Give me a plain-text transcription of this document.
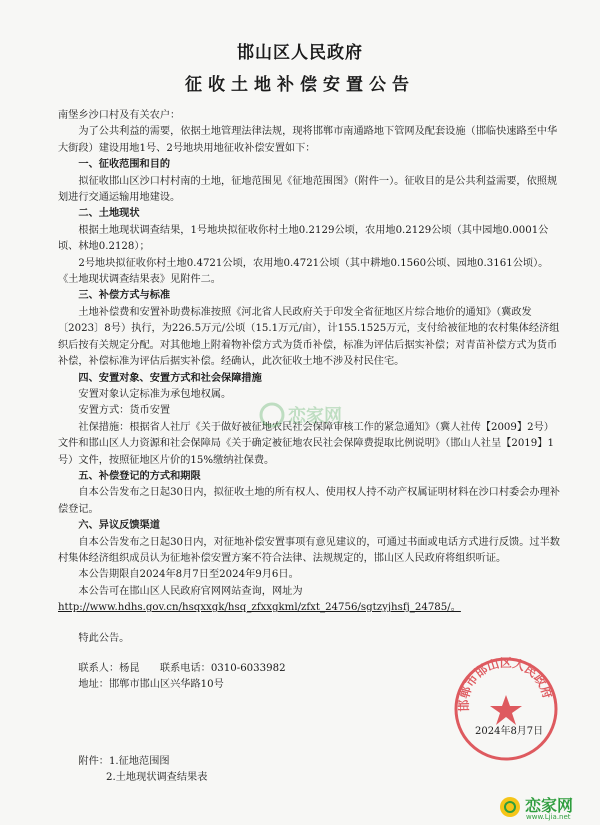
邯山区人民政府
征收土地补偿安置公告

南堡乡沙口村及有关农户：

为了公共利益的需要，依据土地管理法律法规，现将邯郸市南通路地下管网及配套设施（邯临快速路至中华大街段）建设用地1号、2号地块用地征收补偿安置如下：

一、征收范围和目的

拟征收邯山区沙口村村南的土地，征地范围见《征地范围图》（附件一）。征收目的是公共利益需要，依照规划进行交通运输用地建设。

二、土地现状

根据土地现状调查结果，1号地块拟征收你村土地0.2129公顷，农用地0.2129公顷（其中园地0.0001公顷、林地0.2128）；

2号地块拟征收你村土地0.4721公顷，农用地0.4721公顷（其中耕地0.1560公顷、园地0.3161公顷）。《土地现状调查结果表》见附件二。

三、补偿方式与标准

土地补偿费和安置补助费标准按照《河北省人民政府关于印发全省征地区片综合地价的通知》（冀政发〔2023〕8号）执行，为226.5万元/公顷（15.1万元/亩），计155.1525万元，支付给被征地的农村集体经济组织后按有关规定分配。对其他地上附着物补偿方式为货币补偿，标准为评估后据实补偿；对青苗补偿方式为货币补偿，补偿标准为评估后据实补偿。经确认，此次征收土地不涉及村民住宅。

四、安置对象、安置方式和社会保障措施

安置对象认定标准为承包地权属。

安置方式：货币安置

社保措施：根据省人社厅《关于做好被征地农民社会保障审核工作的紧急通知》（冀人社传【2009】2号）文件和邯山区人力资源和社会保障局《关于确定被征地农民社会保障费提取比例说明》（邯山人社呈【2019】1号）文件，按照征地区片价的15%缴纳社保费。

五、补偿登记的方式和期限

自本公告发布之日起30日内，拟征收土地的所有权人、使用权人持不动产权属证明材料在沙口村委会办理补偿登记。

六、异议反馈渠道

自本公告发布之日起30日内，对征地补偿安置事项有意见建议的，可通过书面或电话方式进行反馈。过半数村集体经济组织成员认为征地补偿安置方案不符合法律、法规规定的，邯山区人民政府将组织听证。

本公告期限自2024年8月7日至2024年9月6日。

本公告可在邯山区人民政府官网网站查询，网址为

http://www.hdhs.gov.cn/hsqxxgk/hsq_zfxxgkml/zfxt_24756/sgtzyjhsfj_24785/。

特此公告。

联系人：杨昆　　 联系电话：0310-6033982

地址：邯郸市邯山区兴华路10号

附件：1.征地范围图

2.土地现状调查结果表

恋家网
邯郸市邯山区人民政府
2024年8月7日
恋家网
www.Ljia.net
